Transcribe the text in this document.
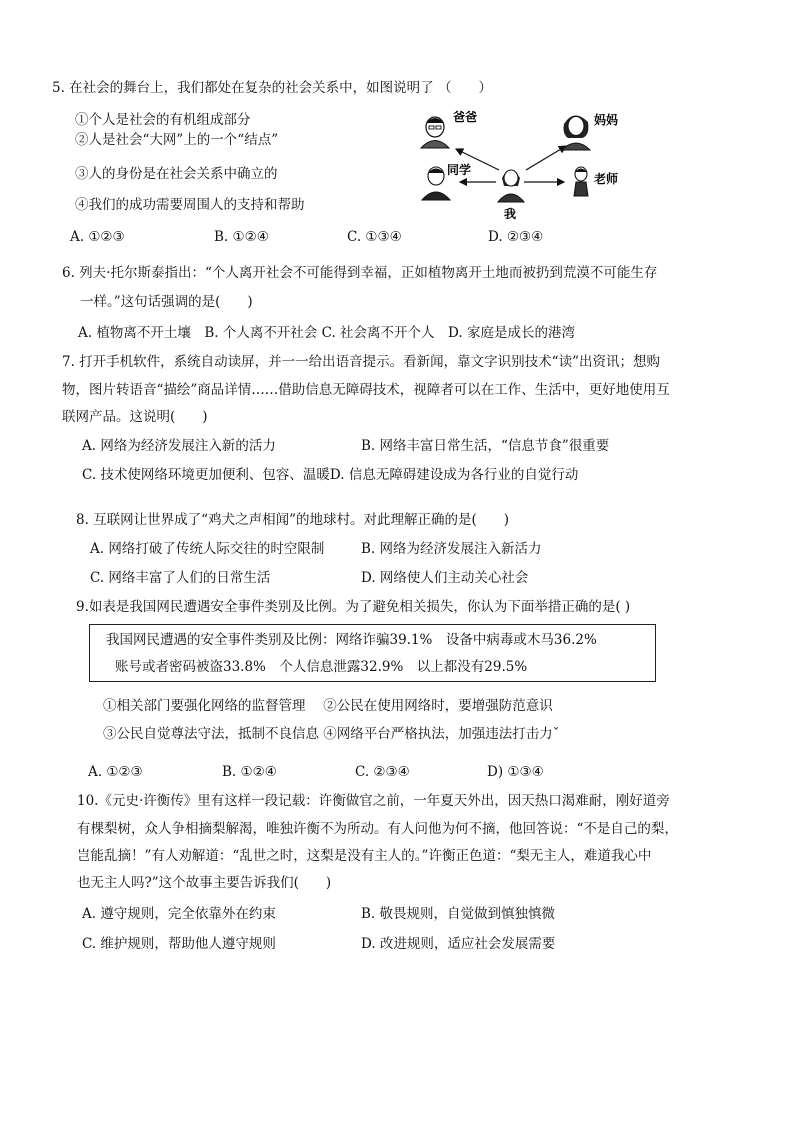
5. 在社会的舞台上，我们都处在复杂的社会关系中，如图说明了 （　　）
①个人是社会的有机组成部分
②人是社会“大网”上的一个“结点”
③人的身份是在社会关系中确立的
④我们的成功需要周围人的支持和帮助
A. ①②③	B. ①②④	C. ①③④	D. ②③④
爸爸	妈妈
同学
老师
我
6. 列夫·托尔斯泰指出：“个人离开社会不可能得到幸福，正如植物离开土地而被扔到荒漠不可能生存
一样。”这句话强调的是(　　)
A. 植物离不开土壤　B. 个人离不开社会 C. 社会离不开个人　D. 家庭是成长的港湾
7. 打开手机软件，系统自动读屏，并一一给出语音提示。看新闻，靠文字识别技术“读”出资讯；想购
物，图片转语音“描绘”商品详情……借助信息无障碍技术，视障者可以在工作、生活中，更好地使用互
联网产品。这说明(　　)
A. 网络为经济发展注入新的活力	B. 网络丰富日常生活，“信息节食”很重要
C. 技术使网络环境更加便利、包容、温暖D. 信息无障碍建设成为各行业的自觉行动
8. 互联网让世界成了“鸡犬之声相闻”的地球村。对此理解正确的是(　　)
A. 网络打破了传统人际交往的时空限制	B. 网络为经济发展注入新活力
C. 网络丰富了人们的日常生活	D. 网络使人们主动关心社会
9.如表是我国网民遭遇安全事件类别及比例。为了避免相关损失，你认为下面举措正确的是( )
我国网民遭遇的安全事件类别及比例：网络诈骗39.1%　设备中病毒或木马36.2%
账号或者密码被盗33.8%　个人信息泄露32.9%　以上都没有29.5%
①相关部门要强化网络的监督管理　 ②公民在使用网络时，要增强防范意识
③公民自觉尊法守法，抵制不良信息 ④网络平台严格执法，加强违法打击力ˇ
A. ①②③	B. ①②④	C. ②③④	D) ①③④
10.《元史·许衡传》里有这样一段记载：许衡做官之前，一年夏天外出，因天热口渴难耐，刚好道旁
有棵梨树，众人争相摘梨解渴，唯独许衡不为所动。有人问他为何不摘，他回答说：“不是自己的梨，
岂能乱摘！”有人劝解道：“乱世之时，这梨是没有主人的。”许衡正色道：“梨无主人，难道我心中
也无主人吗?”这个故事主要告诉我们(　　)
A. 遵守规则，完全依靠外在约束	B. 敬畏规则，自觉做到慎独慎微
C. 维护规则，帮助他人遵守规则	D. 改进规则，适应社会发展需要
